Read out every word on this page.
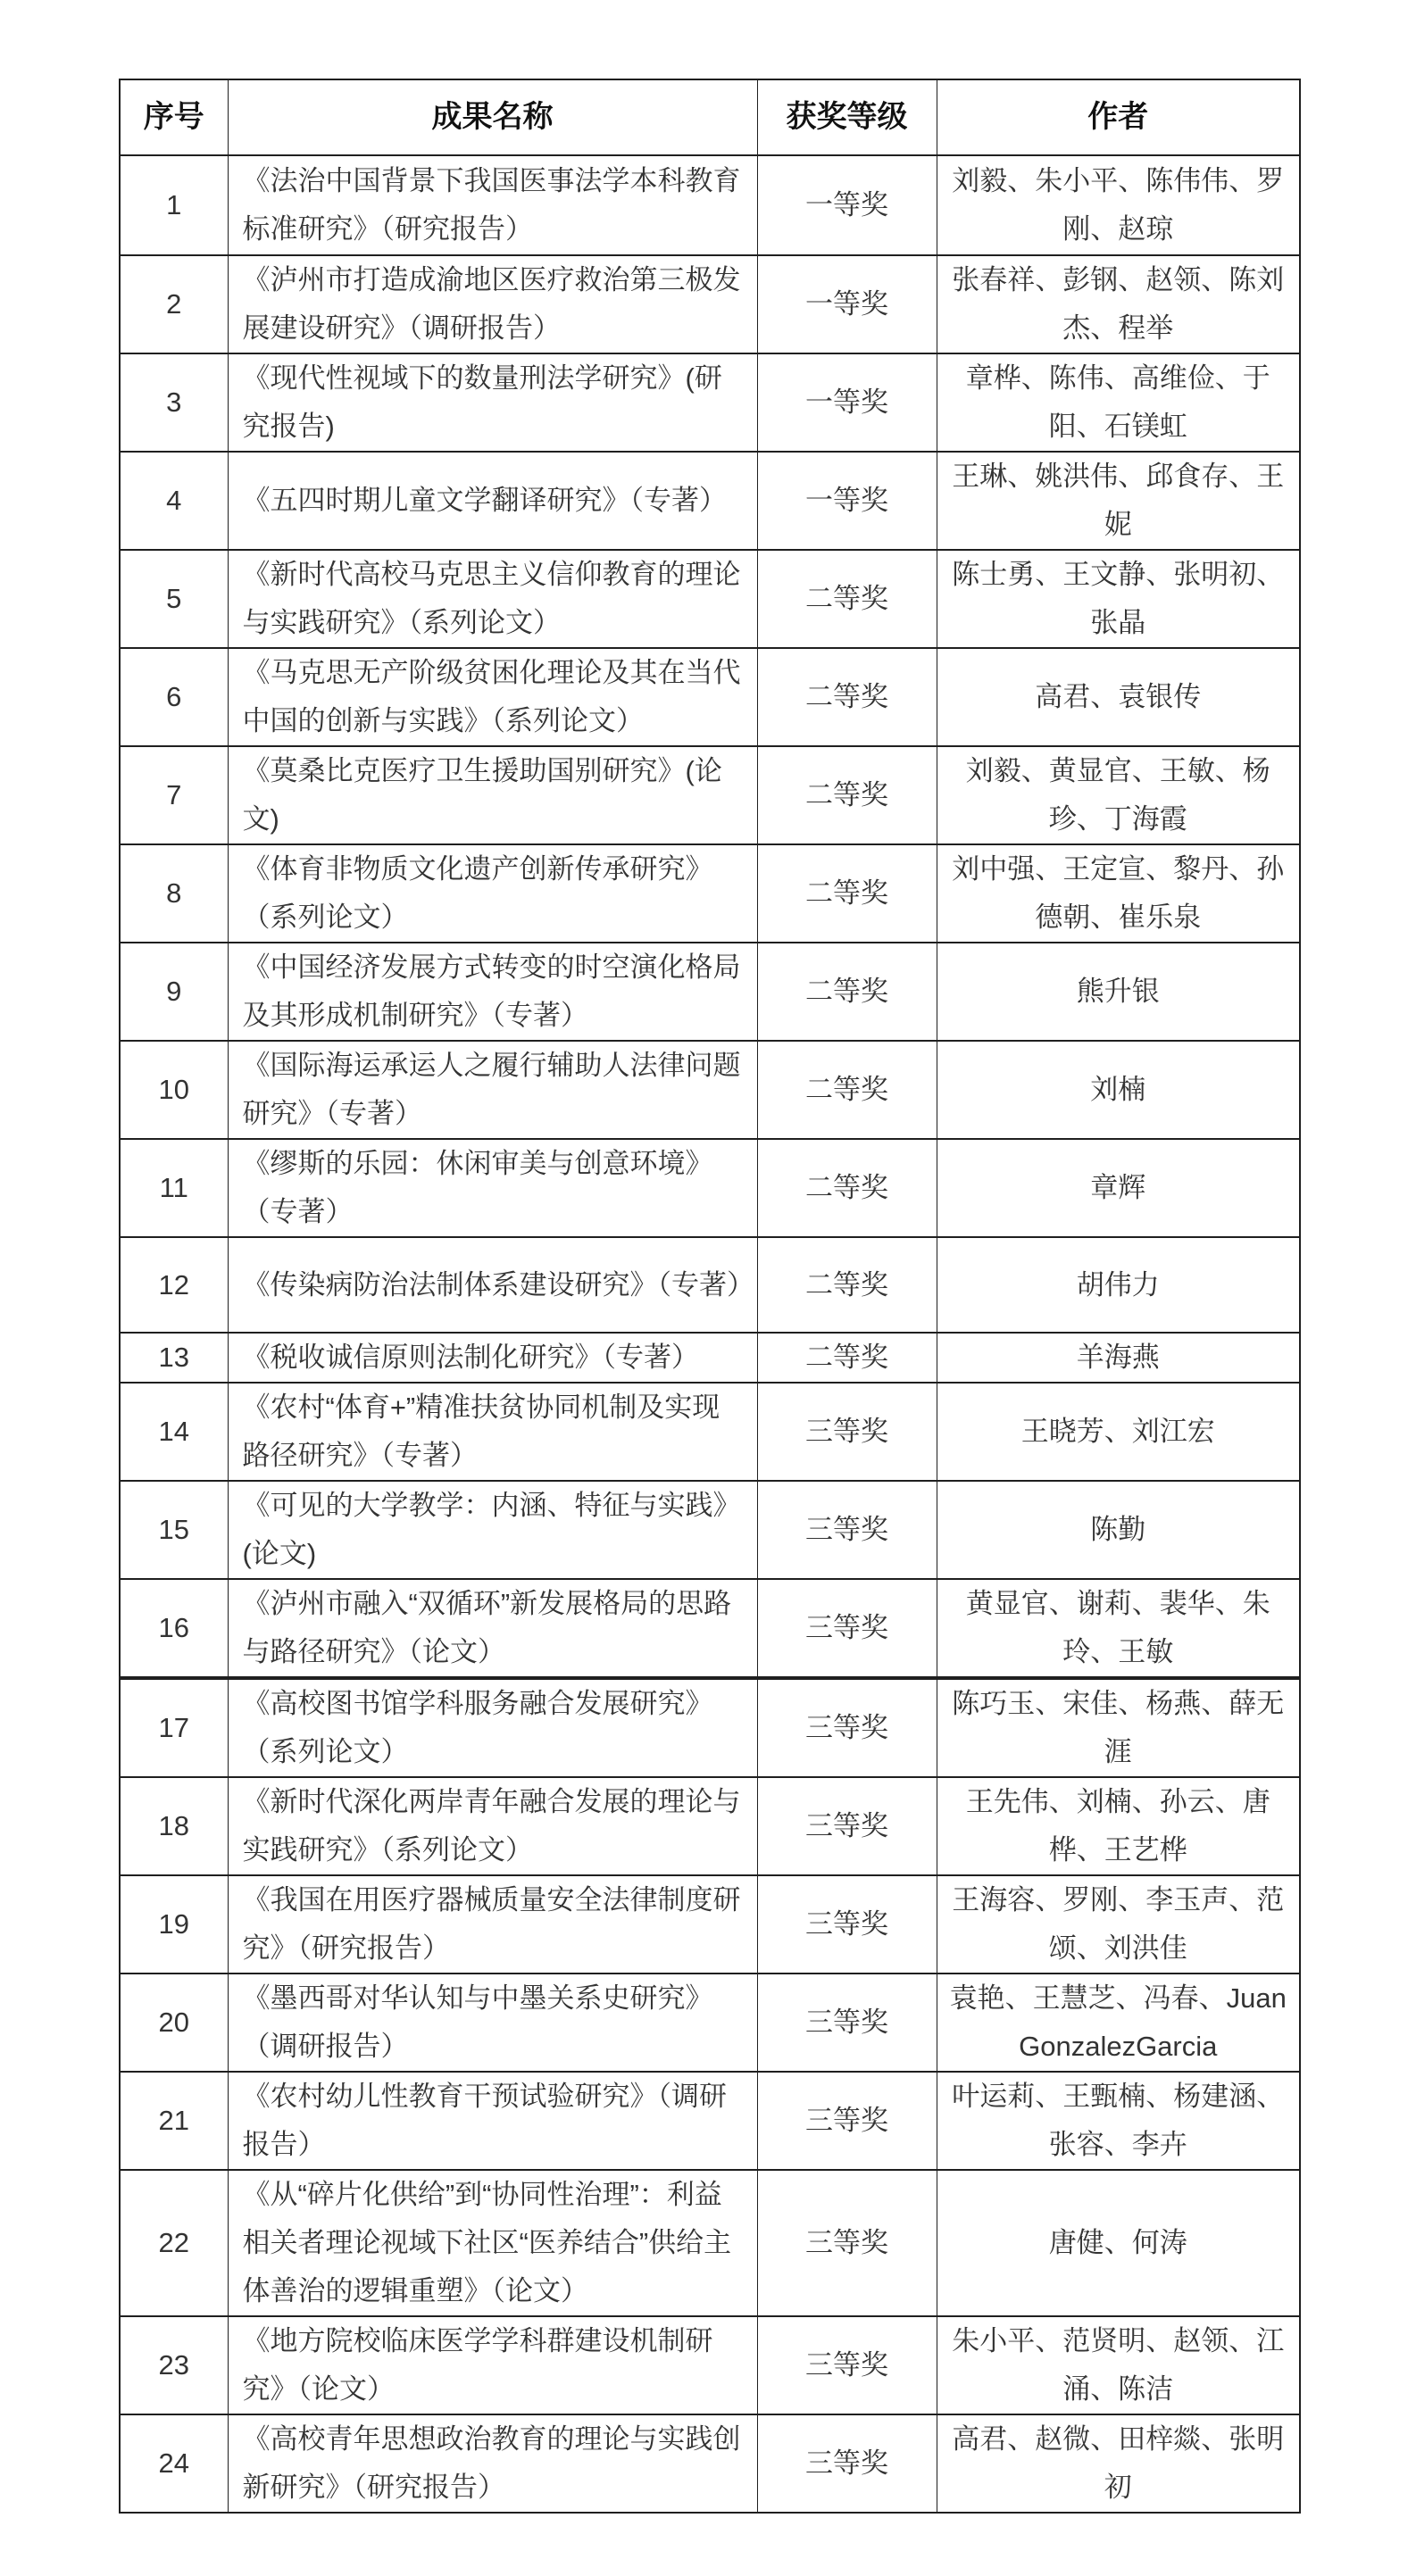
序号	成果名称	获奖等级	作者
1	《法治中国背景下我国医事法学本科教育标准研究》（研究报告）	一等奖	刘毅、朱小平、陈伟伟、罗刚、赵琼
2	《泸州市打造成渝地区医疗救治第三极发展建设研究》（调研报告）	一等奖	张春祥、彭钢、赵领、陈刘杰、程举
3	《现代性视域下的数量刑法学研究》(研究报告)	一等奖	章桦、陈伟、高维俭、于阳、石镁虹
4	《五四时期儿童文学翻译研究》（专著）	一等奖	王琳、姚洪伟、邱食存、王妮
5	《新时代高校马克思主义信仰教育的理论与实践研究》（系列论文）	二等奖	陈士勇、王文静、张明初、张晶
6	《马克思无产阶级贫困化理论及其在当代中国的创新与实践》（系列论文）	二等奖	高君、袁银传
7	《莫桑比克医疗卫生援助国别研究》(论文)	二等奖	刘毅、黄显官、王敏、杨珍、丁海霞
8	《体育非物质文化遗产创新传承研究》（系列论文）	二等奖	刘中强、王定宣、黎丹、孙德朝、崔乐泉
9	《中国经济发展方式转变的时空演化格局及其形成机制研究》（专著）	二等奖	熊升银
10	《国际海运承运人之履行辅助人法律问题研究》（专著）	二等奖	刘楠
11	《缪斯的乐园：休闲审美与创意环境》（专著）	二等奖	章辉
12	《传染病防治法制体系建设研究》（专著）	二等奖	胡伟力
13	《税收诚信原则法制化研究》（专著）	二等奖	羊海燕
14	《农村“体育+”精准扶贫协同机制及实现路径研究》（专著）	三等奖	王晓芳、刘江宏
15	《可见的大学教学：内涵、特征与实践》(论文)	三等奖	陈勤
16	《泸州市融入“双循环”新发展格局的思路与路径研究》（论文）	三等奖	黄显官、谢莉、裴华、朱玲、王敏
17	《高校图书馆学科服务融合发展研究》（系列论文）	三等奖	陈巧玉、宋佳、杨燕、薛无涯
18	《新时代深化两岸青年融合发展的理论与实践研究》（系列论文）	三等奖	王先伟、刘楠、孙云、唐桦、王艺桦
19	《我国在用医疗器械质量安全法律制度研究》（研究报告）	三等奖	王海容、罗刚、李玉声、范颂、刘洪佳
20	《墨西哥对华认知与中墨关系史研究》（调研报告）	三等奖	袁艳、王慧芝、冯春、JuanGonzalezGarcia
21	《农村幼儿性教育干预试验研究》（调研报告）	三等奖	叶运莉、王甄楠、杨建涵、张容、李卉
22	《从“碎片化供给”到“协同性治理”：利益相关者理论视域下社区“医养结合”供给主体善治的逻辑重塑》（论文）	三等奖	唐健、何涛
23	《地方院校临床医学学科群建设机制研究》（论文）	三等奖	朱小平、范贤明、赵领、江涌、陈洁
24	《高校青年思想政治教育的理论与实践创新研究》（研究报告）	三等奖	高君、赵微、田梓燚、张明初
